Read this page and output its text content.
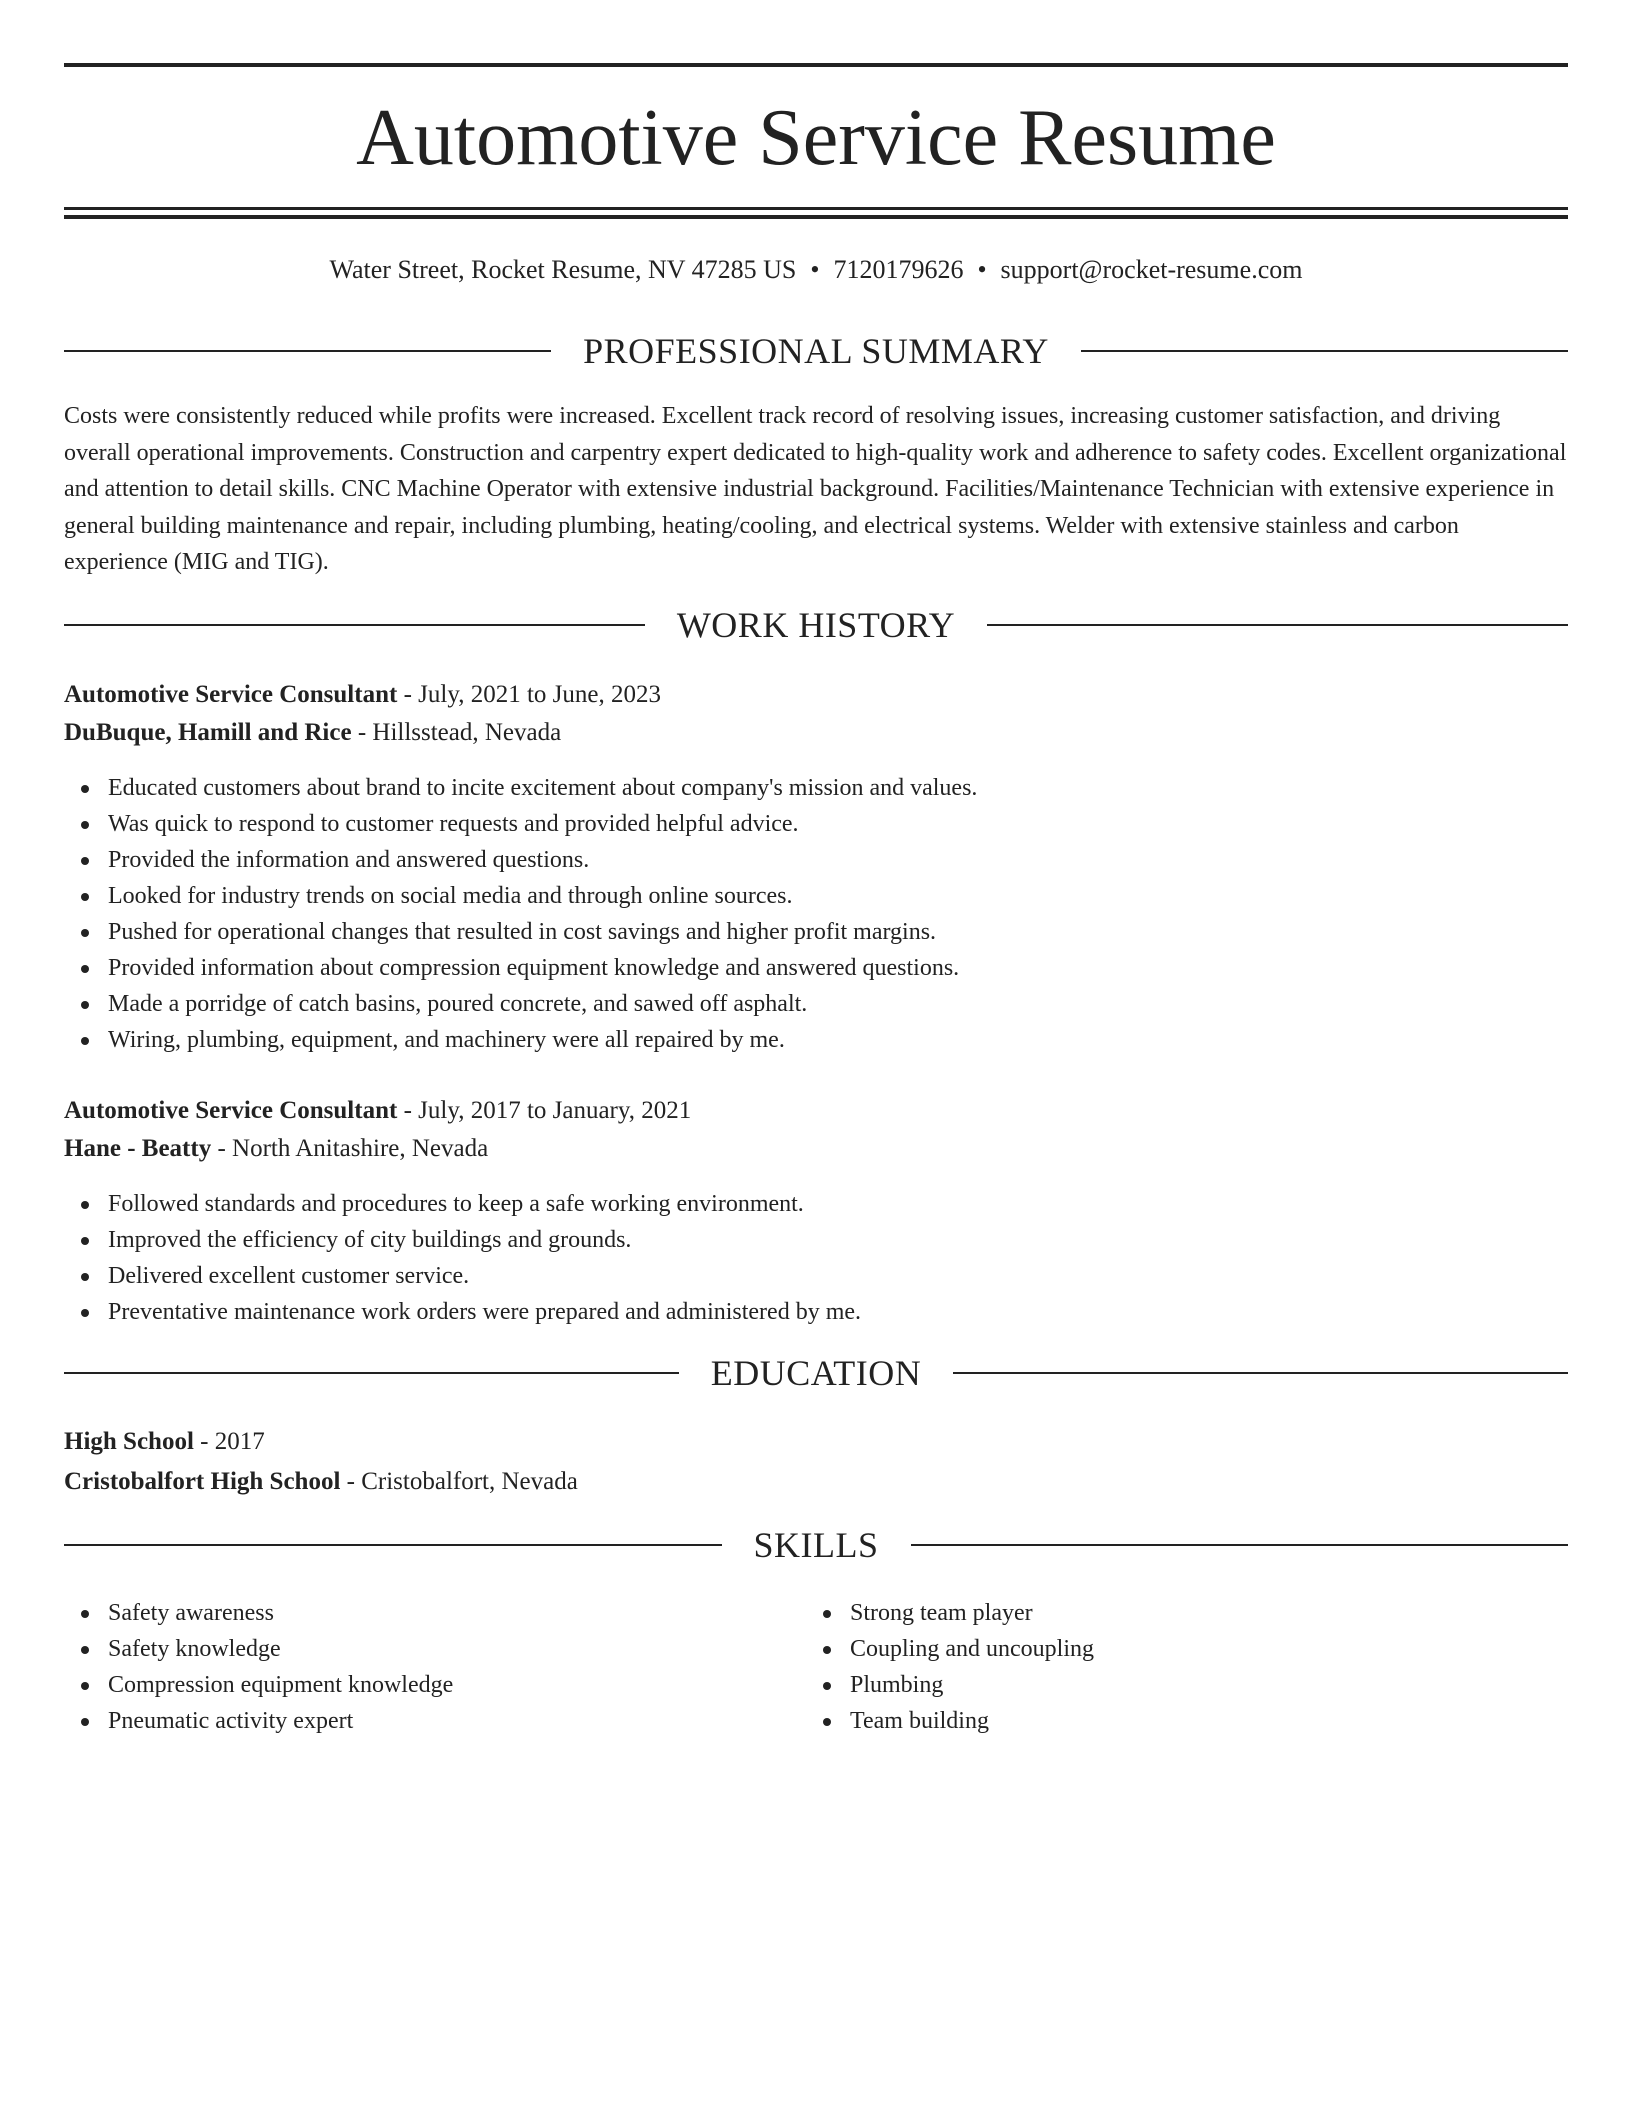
Automotive Service Resume
Water Street, Rocket Resume, NV 47285 US • 7120179626 • support@rocket-resume.com
PROFESSIONAL SUMMARY

Costs were consistently reduced while profits were increased. Excellent track record of resolving issues, increasing customer satisfaction, and driving overall operational improvements. Construction and carpentry expert dedicated to high-quality work and adherence to safety codes. Excellent organizational and attention to detail skills. CNC Machine Operator with extensive industrial background. Facilities/Maintenance Technician with extensive experience in general building maintenance and repair, including plumbing, heating/cooling, and electrical systems. Welder with extensive stainless and carbon experience (MIG and TIG).

WORK HISTORY
Automotive Service Consultant - July, 2021 to June, 2023
DuBuque, Hamill and Rice - Hillsstead, Nevada
Educated customers about brand to incite excitement about company's mission and values.
Was quick to respond to customer requests and provided helpful advice.
Provided the information and answered questions.
Looked for industry trends on social media and through online sources.
Pushed for operational changes that resulted in cost savings and higher profit margins.
Provided information about compression equipment knowledge and answered questions.
Made a porridge of catch basins, poured concrete, and sawed off asphalt.
Wiring, plumbing, equipment, and machinery were all repaired by me.
Automotive Service Consultant - July, 2017 to January, 2021
Hane - Beatty - North Anitashire, Nevada
Followed standards and procedures to keep a safe working environment.
Improved the efficiency of city buildings and grounds.
Delivered excellent customer service.
Preventative maintenance work orders were prepared and administered by me.
EDUCATION
High School - 2017
Cristobalfort High School - Cristobalfort, Nevada
SKILLS
Safety awareness
Safety knowledge
Compression equipment knowledge
Pneumatic activity expert
Strong team player
Coupling and uncoupling
Plumbing
Team building
